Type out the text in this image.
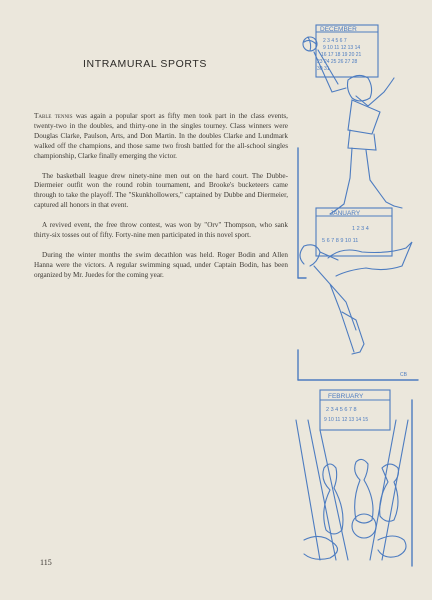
INTRAMURAL SPORTS

Table tennis was again a popular sport as fifty men took part in the class events, twenty-two in the doubles, and thirty-one in the singles tourney. Class winners were Douglas Clarke, Paulson, Arts, and Don Martin. In the doubles Clarke and Lundmark walked off the champions, and those same two frosh battled for the all-school singles championship, Clarke finally emerging the victor.

The basketball league drew ninety-nine men out on the hard court. The Dubbe-Diermeier outfit won the round robin tournament, and Brooke's bucketeers came through to take the playoff. The "Skunkhollowers," captained by Dubbe and Diermeier, captured all honors in that event.

A revived event, the free throw contest, was won by "Orv" Thompson, who sank thirty-six tosses out of fifty. Forty-nine men participated in this novel sport.

During the winter months the swim decathlon was held. Roger Bodin and Allen Hanna were the victors. A regular swimming squad, under Captain Bodin, has been organized by Mr. Juedes for the coming year.

115
DECEMBER
2 3 4 5 6 7
9 10 11 12 13 14
16 17 18 19 20 21
23 24 25 26 27 28
30 31
JANUARY
1 2 3 4
5 6 7 8 9 10 11
CB
FEBRUARY
2 3 4 5 6 7 8
9 10 11 12 13 14 15
